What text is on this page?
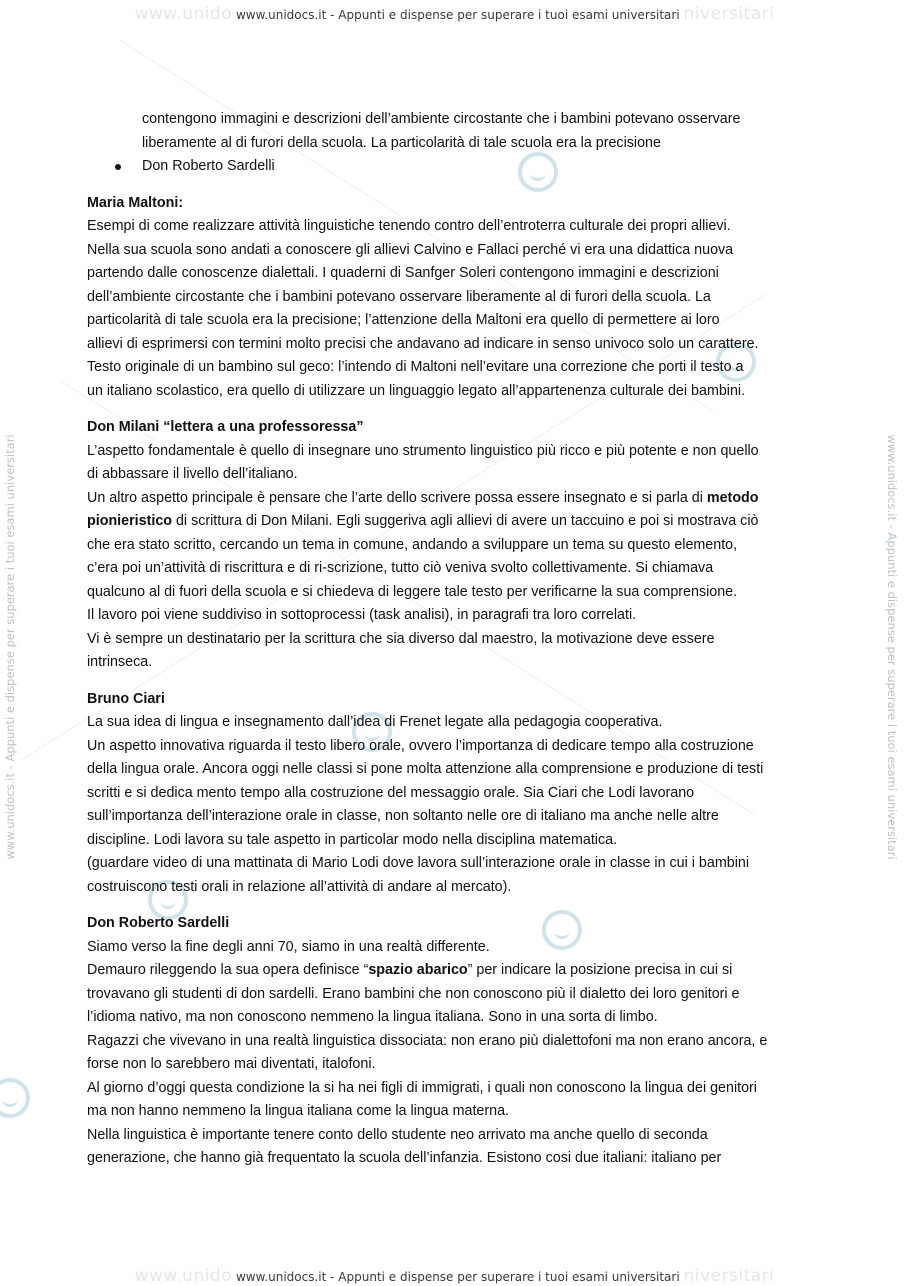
www.unido www.unidocs.it - Appunti e dispense per superare i tuoi esami universitari niversitari
www.unidocs.it - Appunti e dispense per superare i tuoi esami universitari	www.unidocs.it - Appunti e dispense per superare i tuoi esami universitari

contengono immagini e descrizioni dell’ambiente circostante che i bambini potevano osservare

liberamente al di furori della scuola. La particolarità di tale scuola era la precisione

Don Roberto Sardelli

Maria Maltoni:

Esempi di come realizzare attività linguistiche tenendo contro dell’entroterra culturale dei propri allievi.

Nella sua scuola sono andati a conoscere gli allievi Calvino e Fallaci perché vi era una didattica nuova

partendo dalle conoscenze dialettali. I quaderni di Sanfger Soleri contengono immagini e descrizioni

dell’ambiente circostante che i bambini potevano osservare liberamente al di furori della scuola. La

particolarità di tale scuola era la precisione; l’attenzione della Maltoni era quello di permettere ai loro

allievi di esprimersi con termini molto precisi che andavano ad indicare in senso univoco solo un carattere.

Testo originale di un bambino sul geco: l’intendo di Maltoni nell’evitare una correzione che porti il testo a

un italiano scolastico, era quello di utilizzare un linguaggio legato all’appartenenza culturale dei bambini.

Don Milani “lettera a una professoressa”

L’aspetto fondamentale è quello di insegnare uno strumento linguistico più ricco e più potente e non quello

di abbassare il livello dell’italiano.

Un altro aspetto principale è pensare che l’arte dello scrivere possa essere insegnato e si parla di metodo

pionieristico di scrittura di Don Milani. Egli suggeriva agli allievi di avere un taccuino e poi si mostrava ciò

che era stato scritto, cercando un tema in comune, andando a sviluppare un tema su questo elemento,

c’era poi un’attività di riscrittura e di ri-scrizione, tutto ciò veniva svolto collettivamente. Si chiamava

qualcuno al di fuori della scuola e si chiedeva di leggere tale testo per verificarne la sua comprensione.

Il lavoro poi viene suddiviso in sottoprocessi (task analisi), in paragrafi tra loro correlati.

Vi è sempre un destinatario per la scrittura che sia diverso dal maestro, la motivazione deve essere

intrinseca.

Bruno Ciari

La sua idea di lingua e insegnamento dall’idea di Frenet legate alla pedagogia cooperativa.

Un aspetto innovativa riguarda il testo libero orale, ovvero l’importanza di dedicare tempo alla costruzione

della lingua orale. Ancora oggi nelle classi si pone molta attenzione alla comprensione e produzione di testi

scritti e si dedica mento tempo alla costruzione del messaggio orale. Sia Ciari che Lodi lavorano

sull’importanza dell’interazione orale in classe, non soltanto nelle ore di italiano ma anche nelle altre

discipline. Lodi lavora su tale aspetto in particolar modo nella disciplina matematica.

(guardare video di una mattinata di Mario Lodi dove lavora sull’interazione orale in classe in cui i bambini

costruiscono testi orali in relazione all’attività di andare al mercato).

Don Roberto Sardelli

Siamo verso la fine degli anni 70, siamo in una realtà differente.

Demauro rileggendo la sua opera definisce “spazio abarico” per indicare la posizione precisa in cui si

trovavano gli studenti di don sardelli. Erano bambini che non conoscono più il dialetto dei loro genitori e

l’idioma nativo, ma non conoscono nemmeno la lingua italiana. Sono in una sorta di limbo.

Ragazzi che vivevano in una realtà linguistica dissociata: non erano più dialettofoni ma non erano ancora, e

forse non lo sarebbero mai diventati, italofoni.

Al giorno d’oggi questa condizione la si ha nei figli di immigrati, i quali non conoscono la lingua dei genitori

ma non hanno nemmeno la lingua italiana come la lingua materna.

Nella linguistica è importante tenere conto dello studente neo arrivato ma anche quello di seconda

generazione, che hanno già frequentato la scuola dell’infanzia. Esistono cosi due italiani: italiano per

www.unido www.unidocs.it - Appunti e dispense per superare i tuoi esami universitari niversitari
